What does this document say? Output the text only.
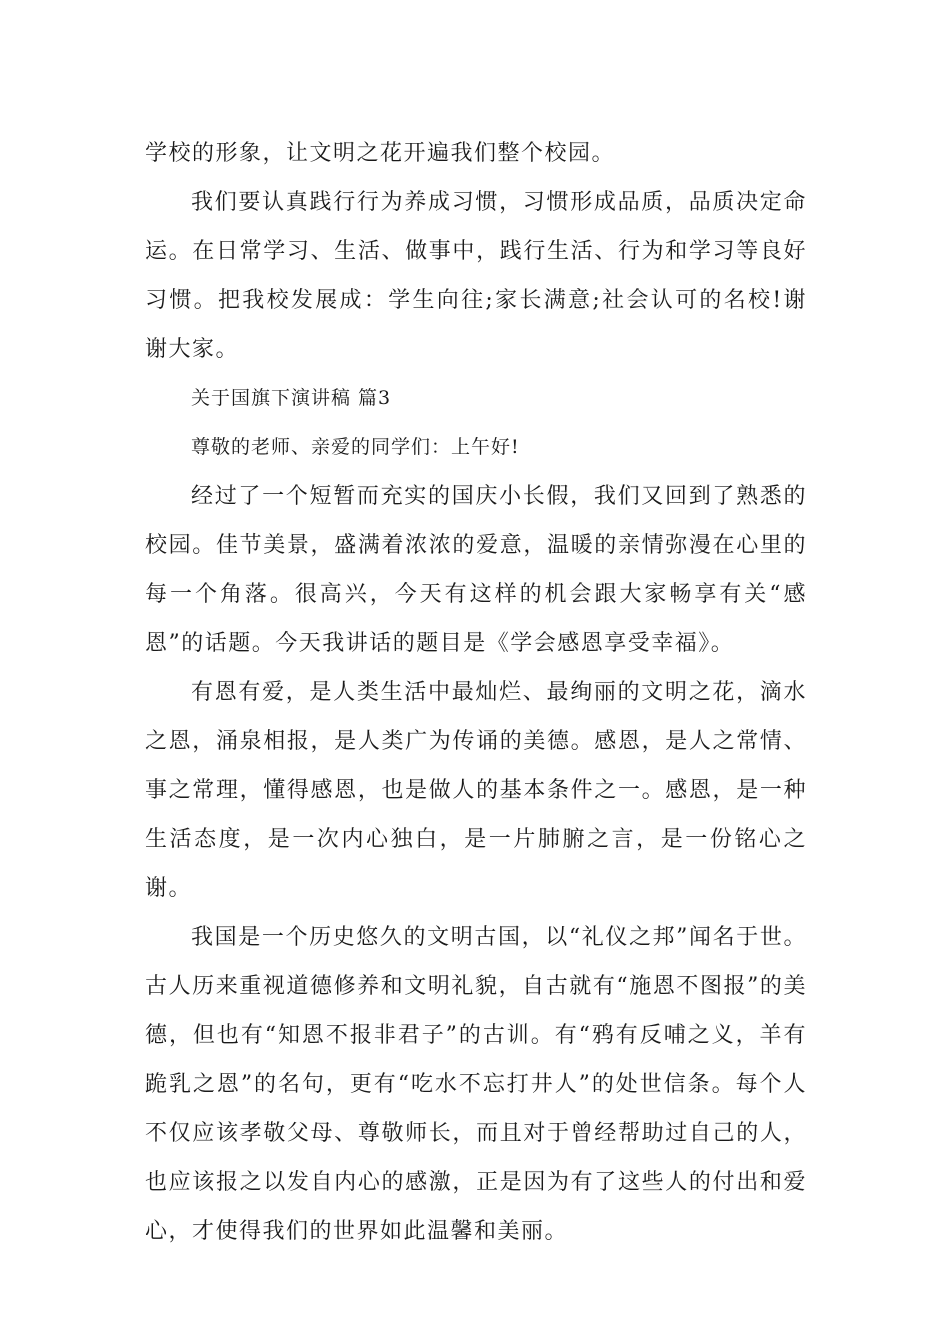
学校的形象，让文明之花开遍我们整个校园。

我们要认真践行行为养成习惯，习惯形成品质，品质决定命运。在日常学习、生活、做事中，践行生活、行为和学习等良好习惯。把我校发展成：学生向往;家长满意;社会认可的名校!谢谢大家。

关于国旗下演讲稿 篇3

尊敬的老师、亲爱的同学们：上午好!

经过了一个短暂而充实的国庆小长假，我们又回到了熟悉的校园。佳节美景，盛满着浓浓的爱意，温暖的亲情弥漫在心里的每一个角落。很高兴，今天有这样的机会跟大家畅享有关“感恩”的话题。今天我讲话的题目是《学会感恩享受幸福》。

有恩有爱，是人类生活中最灿烂、最绚丽的文明之花，滴水之恩，涌泉相报，是人类广为传诵的美德。感恩，是人之常情、事之常理，懂得感恩，也是做人的基本条件之一。感恩，是一种生活态度，是一次内心独白，是一片肺腑之言，是一份铭心之谢。

我国是一个历史悠久的文明古国，以“礼仪之邦”闻名于世。古人历来重视道德修养和文明礼貌，自古就有“施恩不图报”的美德，但也有“知恩不报非君子”的古训。有“鸦有反哺之义，羊有跪乳之恩”的名句，更有“吃水不忘打井人”的处世信条。每个人不仅应该孝敬父母、尊敬师长，而且对于曾经帮助过自己的人，也应该报之以发自内心的感激，正是因为有了这些人的付出和爱心，才使得我们的世界如此温馨和美丽。
